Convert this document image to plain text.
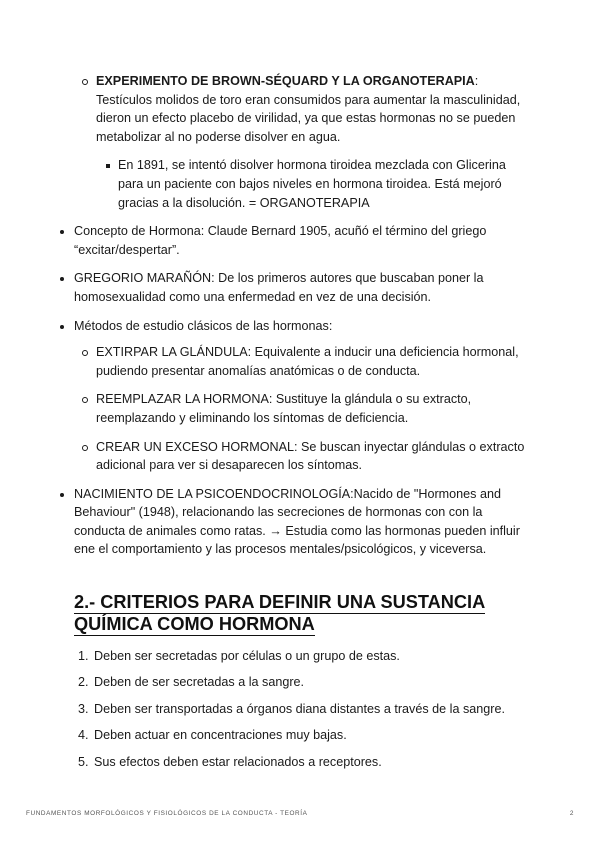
EXPERIMENTO DE BROWN-SÉQUARD Y LA ORGANOTERAPIA: Testículos molidos de toro eran consumidos para aumentar la masculinidad, dieron un efecto placebo de virilidad, ya que estas hormonas no se pueden metabolizar al no poderse disolver en agua.
En 1891, se intentó disolver hormona tiroidea mezclada con Glicerina para un paciente con bajos niveles en hormona tiroidea. Está mejoró gracias a la disolución. = ORGANOTERAPIA
Concepto de Hormona: Claude Bernard 1905, acuñó el término del griego “excitar/despertar”.
GREGORIO MARAÑÓN: De los primeros autores que buscaban poner la homosexualidad como una enfermedad en vez de una decisión.
Métodos de estudio clásicos de las hormonas:
EXTIRPAR LA GLÁNDULA: Equivalente a inducir una deficiencia hormonal, pudiendo presentar anomalías anatómicas o de conducta.
REEMPLAZAR LA HORMONA: Sustituye la glándula o su extracto, reemplazando y eliminando los síntomas de deficiencia.
CREAR UN EXCESO HORMONAL: Se buscan inyectar glándulas o extracto adicional para ver si desaparecen los síntomas.
NACIMIENTO DE LA PSICOENDOCRINOLOGÍA:Nacido de "Hormones and Behaviour" (1948), relacionando las secreciones de hormonas con con la conducta de animales como ratas. → Estudia como las hormonas pueden influir ene el comportamiento y las procesos mentales/psicológicos, y viceversa.
2.- CRITERIOS PARA DEFINIR UNA SUSTANCIA
QUÍMICA COMO HORMONA
1. Deben ser secretadas por células o un grupo de estas.
2. Deben de ser secretadas a la sangre.
3. Deben ser transportadas a órganos diana distantes a través de la sangre.
4. Deben actuar en concentraciones muy bajas.
5. Sus efectos deben estar relacionados a receptores.
FUNDAMENTOS MORFOLÓGICOS Y FISIOLÓGICOS DE LA CONDUCTA - TEORÍA	2
